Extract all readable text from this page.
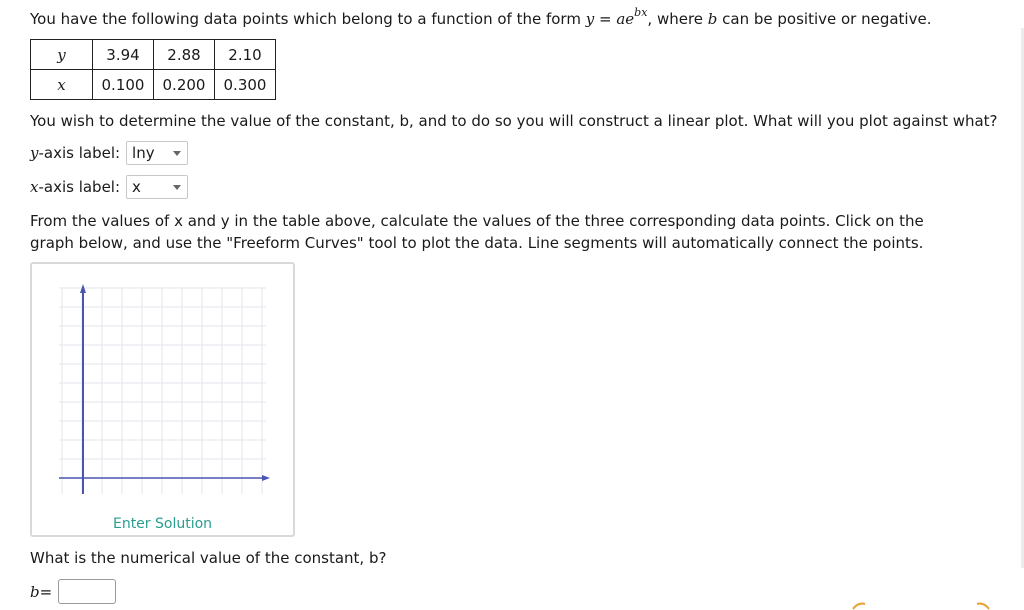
You have the following data points which belong to a function of the form $y = ae^{bx}$, where b can be positive or negative.
y	3.94	2.88	2.10
x	0.100	0.200	0.300
You wish to determine the value of the constant, b, and to do so you will construct a linear plot. What will you plot against what?
y -axis label: lny
x -axis label: x
From the values of x and y in the table above, calculate the values of the three corresponding data points. Click on the graph below, and use the "Freeform Curves" tool to plot the data. Line segments will automatically connect the points.
Enter Solution
What is the numerical value of the constant, b?
b =
